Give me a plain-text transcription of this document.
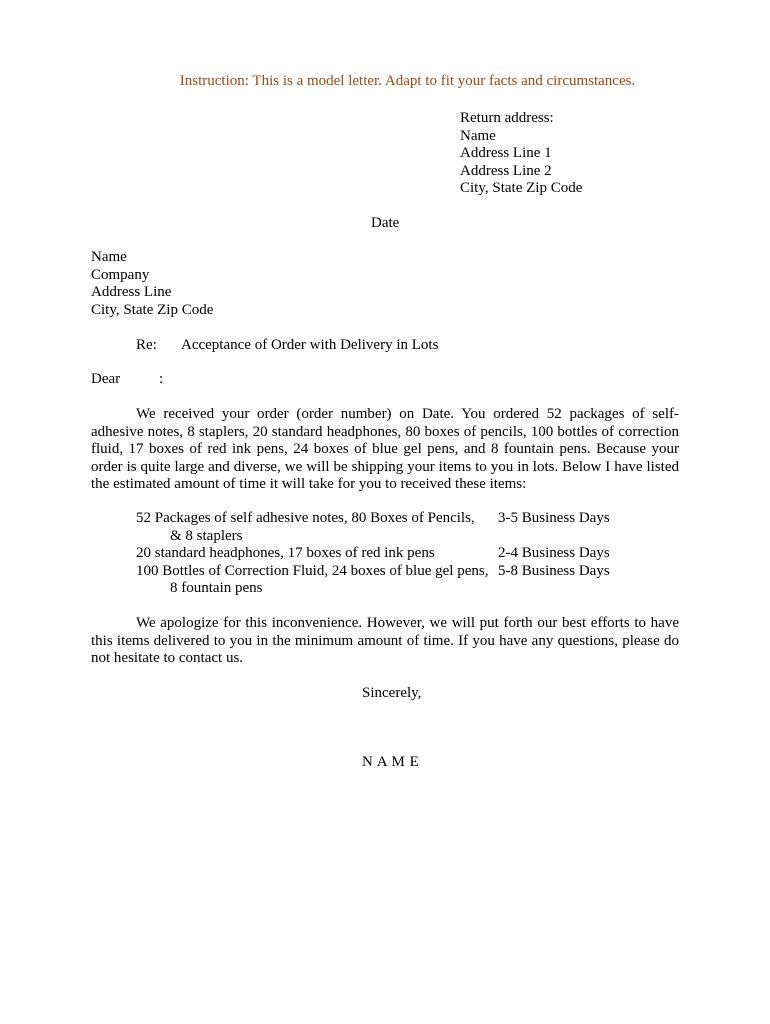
Instruction: This is a model letter. Adapt to fit your facts and circumstances.
Return address:
Name
Address Line 1
Address Line 2
City, State Zip Code
Date
Name
Company
Address Line
City, State Zip Code
Re: Acceptance of Order with Delivery in Lots
Dear	:
We received your order (order number) on Date. You ordered 52 packages of self-adhesive notes, 8 staplers, 20 standard headphones, 80 boxes of pencils, 100 bottles of correction fluid, 17 boxes of red ink pens, 24 boxes of blue gel pens, and 8 fountain pens. Because your order is quite large and diverse, we will be shipping your items to you in lots. Below I have listed the estimated amount of time it will take for you to received these items:
52 Packages of self adhesive notes, 80 Boxes of Pencils, 3-5 Business Days
& 8 staplers
20 standard headphones, 17 boxes of red ink pens	2-4 Business Days
100 Bottles of Correction Fluid, 24 boxes of blue gel pens, 5-8 Business Days
8 fountain pens
We apologize for this inconvenience. However, we will put forth our best efforts to have this items delivered to you in the minimum amount of time. If you have any questions, please do not hesitate to contact us.
Sincerely,
N A M E
